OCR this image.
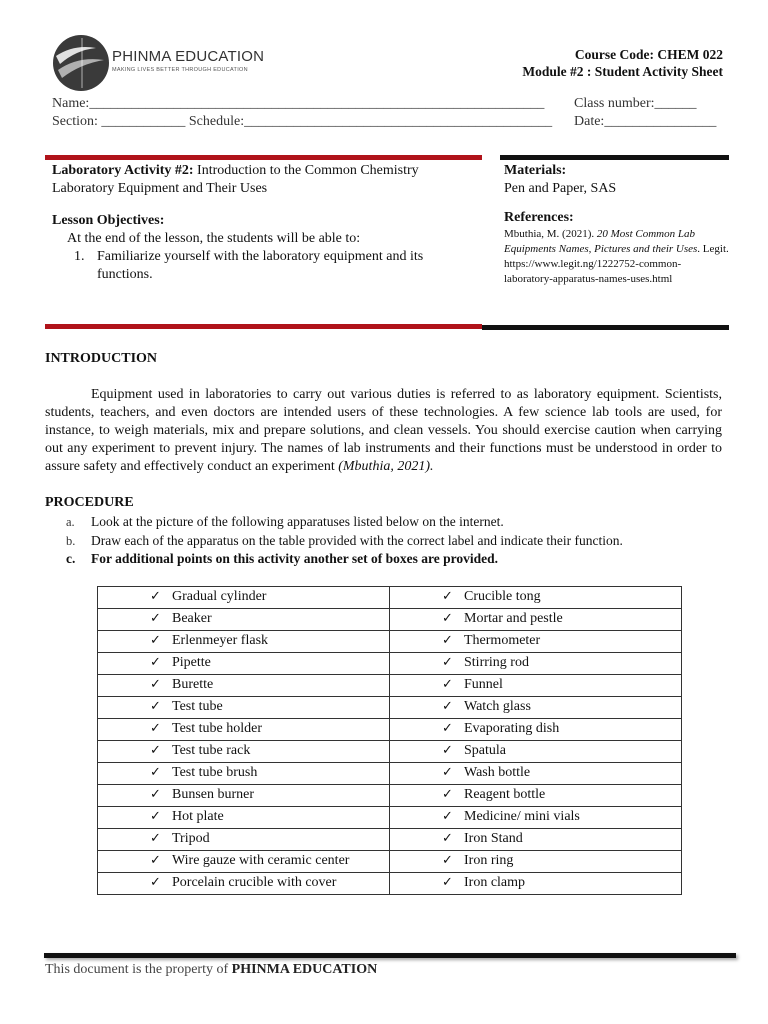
PHINMA EDUCATION
MAKING LIVES BETTER THROUGH EDUCATION
Course Code: CHEM 022
Module #2 : Student Activity Sheet
Name:_________________________________________________________________ Class number:______
Section: ____________ Schedule:____________________________________________ Date:________________
Laboratory Activity #2: Introduction to the Common Chemistry Laboratory Equipment and Their Uses
Lesson Objectives:
At the end of the lesson, the students will be able to:
1. Familiarize yourself with the laboratory equipment and its functions.
Materials:
Pen and Paper, SAS
References:
Mbuthia, M. (2021). 20 Most Common Lab Equipments Names, Pictures and their Uses. Legit.
https://www.legit.ng/1222752-common-laboratory-apparatus-names-uses.html
INTRODUCTION
Equipment used in laboratories to carry out various duties is referred to as laboratory equipment. Scientists, students, teachers, and even doctors are intended users of these technologies. A few science lab tools are used, for instance, to weigh materials, mix and prepare solutions, and clean vessels. You should exercise caution when carrying out any experiment to prevent injury. The names of lab instruments and their functions must be understood in order to assure safety and effectively conduct an experiment (Mbuthia, 2021).
PROCEDURE
a. Look at the picture of the following apparatuses listed below on the internet.
b. Draw each of the apparatus on the table provided with the correct label and indicate their function.
c. For additional points on this activity another set of boxes are provided.
✓ Gradual cylinder	✓ Crucible tong

✓ Beaker	✓ Mortar and pestle

✓ Erlenmeyer flask	✓ Thermometer

✓ Pipette	✓ Stirring rod

✓ Burette	✓ Funnel

✓ Test tube	✓ Watch glass

✓ Test tube holder	✓ Evaporating dish

✓ Test tube rack	✓ Spatula

✓ Test tube brush	✓ Wash bottle

✓ Bunsen burner	✓ Reagent bottle

✓ Hot plate	✓ Medicine/ mini vials

✓ Tripod	✓ Iron Stand

✓ Wire gauze with ceramic center	✓ Iron ring

✓ Porcelain crucible with cover	✓ Iron clamp
This document is the property of PHINMA EDUCATION
